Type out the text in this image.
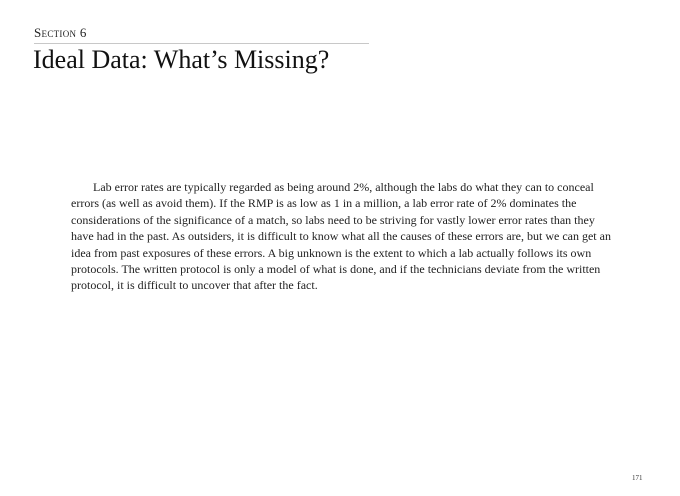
Section 6
Ideal Data: What’s Missing?

Lab error rates are typically regarded as being around 2%, although the labs do what they can to conceal errors (as well as avoid them). If the RMP is as low as 1 in a million, a lab error rate of 2% dominates the considerations of the significance of a match, so labs need to be striving for vastly lower error rates than they have had in the past. As outsiders, it is difficult to know what all the causes of these errors are, but we can get an idea from past exposures of these errors. A big unknown is the extent to which a lab actually follows its own protocols. The written protocol is only a model of what is done, and if the technicians deviate from the written protocol, it is difficult to uncover that after the fact.

171
